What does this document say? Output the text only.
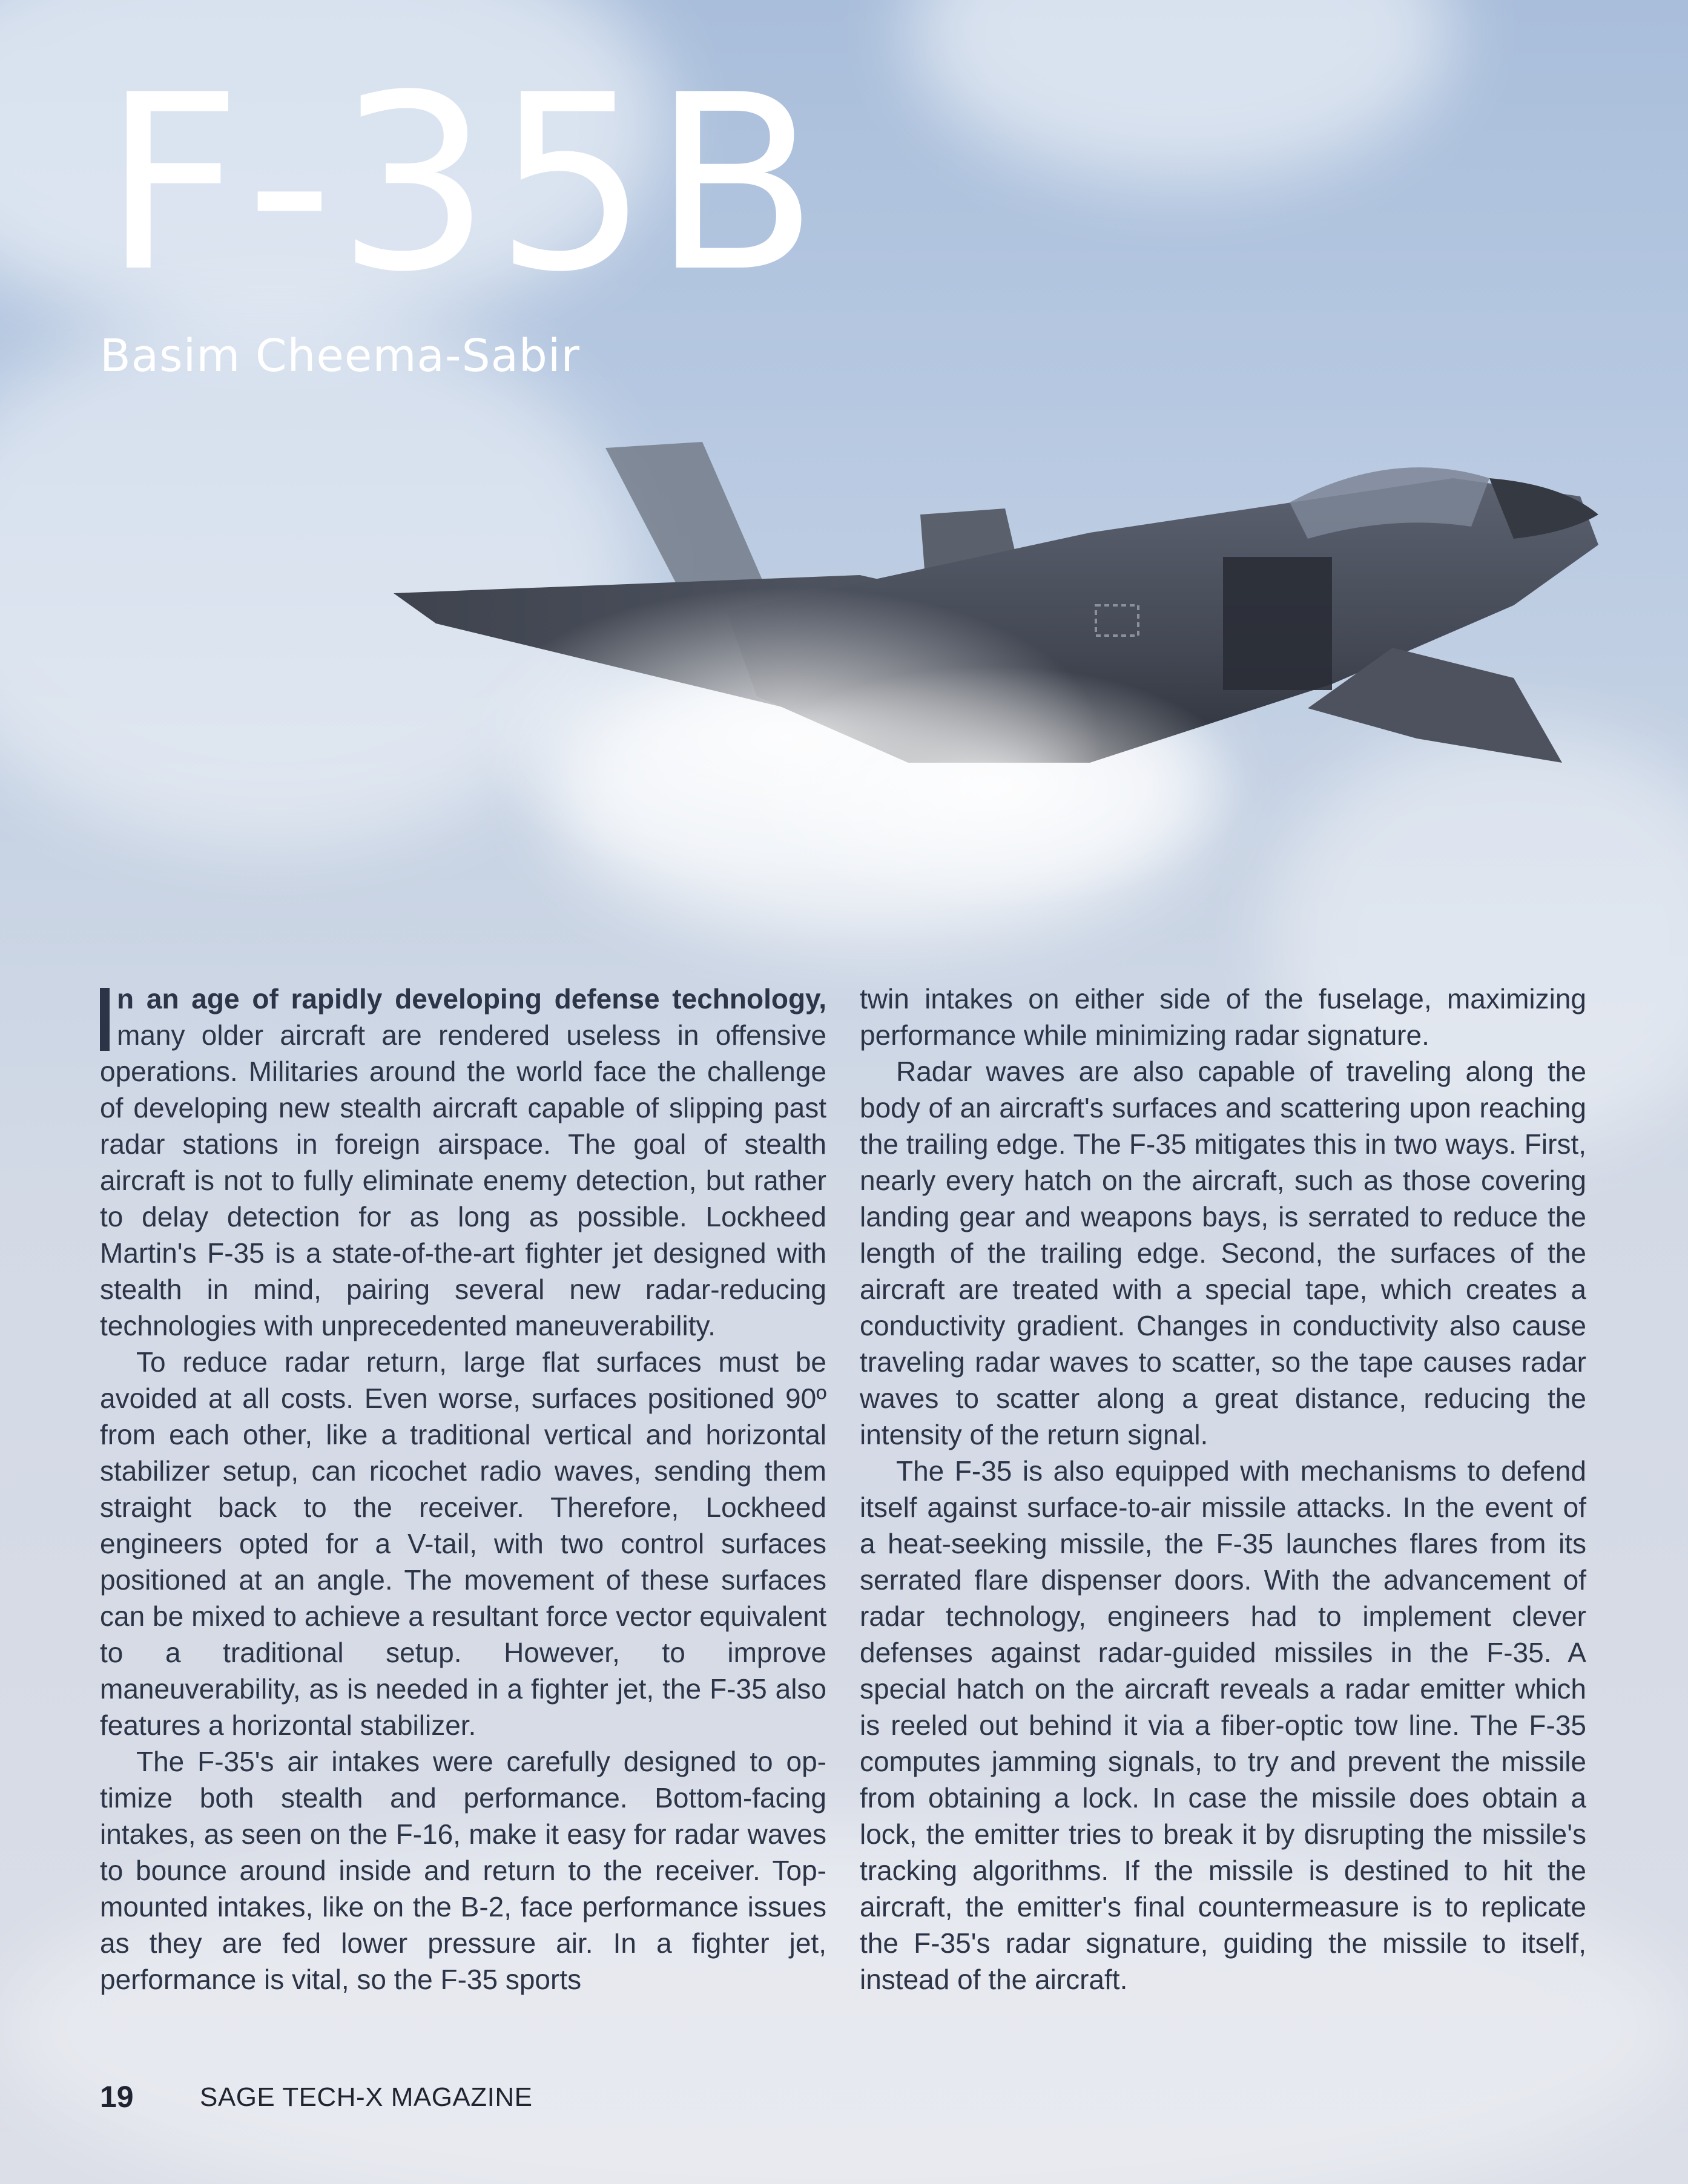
F-35B
Basim Cheema-Sabir

n an age of rapidly developing defense technology, many older aircraft are rendered useless in offensive operations. Militaries around the world face the challenge of developing new stealth aircraft capable of slipping past radar stations in foreign airspace. The goal of stealth aircraft is not to fully eliminate enemy detection, but rather to delay detection for as long as possible. Lockheed Martin's F-35 is a state-of-the-art fighter jet designed with stealth in mind, pairing several new radar-reducing technologies with unprecedented maneuverability.

To reduce radar return, large flat surfaces must be avoided at all costs. Even worse, surfaces positioned 90º from each other, like a traditional vertical and horizontal stabilizer setup, can ricochet radio waves, sending them straight back to the receiver. Therefore, Lockheed engineers opted for a V-tail, with two control surfaces positioned at an angle. The movement of these surfaces can be mixed to achieve a resultant force vector equivalent to a traditional setup. However, to improve maneuverability, as is needed in a fighter jet, the F-35 also features a horizontal stabilizer.

The F-35's air intakes were carefully designed to optimize both stealth and performance. Bottom-facing intakes, as seen on the F-16, make it easy for radar waves to bounce around inside and return to the receiver. Top-mounted intakes, like on the B-2, face performance issues as they are fed lower pressure air. In a fighter jet, performance is vital, so the F-35 sports

twin intakes on either side of the fuselage, maximizing performance while minimizing radar signature.

Radar waves are also capable of traveling along the body of an aircraft's surfaces and scattering upon reaching the trailing edge. The F-35 mitigates this in two ways. First, nearly every hatch on the aircraft, such as those covering landing gear and weapons bays, is serrated to reduce the length of the trailing edge. Second, the surfaces of the aircraft are treated with a special tape, which creates a conductivity gradient. Changes in conductivity also cause traveling radar waves to scatter, so the tape causes radar waves to scatter along a great distance, reducing the intensity of the return signal.

The F-35 is also equipped with mechanisms to defend itself against surface-to-air missile attacks. In the event of a heat-seeking missile, the F-35 launches flares from its serrated flare dispenser doors. With the advancement of radar technology, engineers had to implement clever defenses against radar-guided missiles in the F-35. A special hatch on the aircraft reveals a radar emitter which is reeled out behind it via a fiber-optic tow line. The F-35 computes jamming signals, to try and prevent the missile from obtaining a lock. In case the missile does obtain a lock, the emitter tries to break it by disrupting the missile's tracking algorithms. If the missile is destined to hit the aircraft, the emitter's final countermeasure is to replicate the F-35's radar signature, guiding the missile to itself, instead of the aircraft.

19 SAGE TECH-X MAGAZINE
